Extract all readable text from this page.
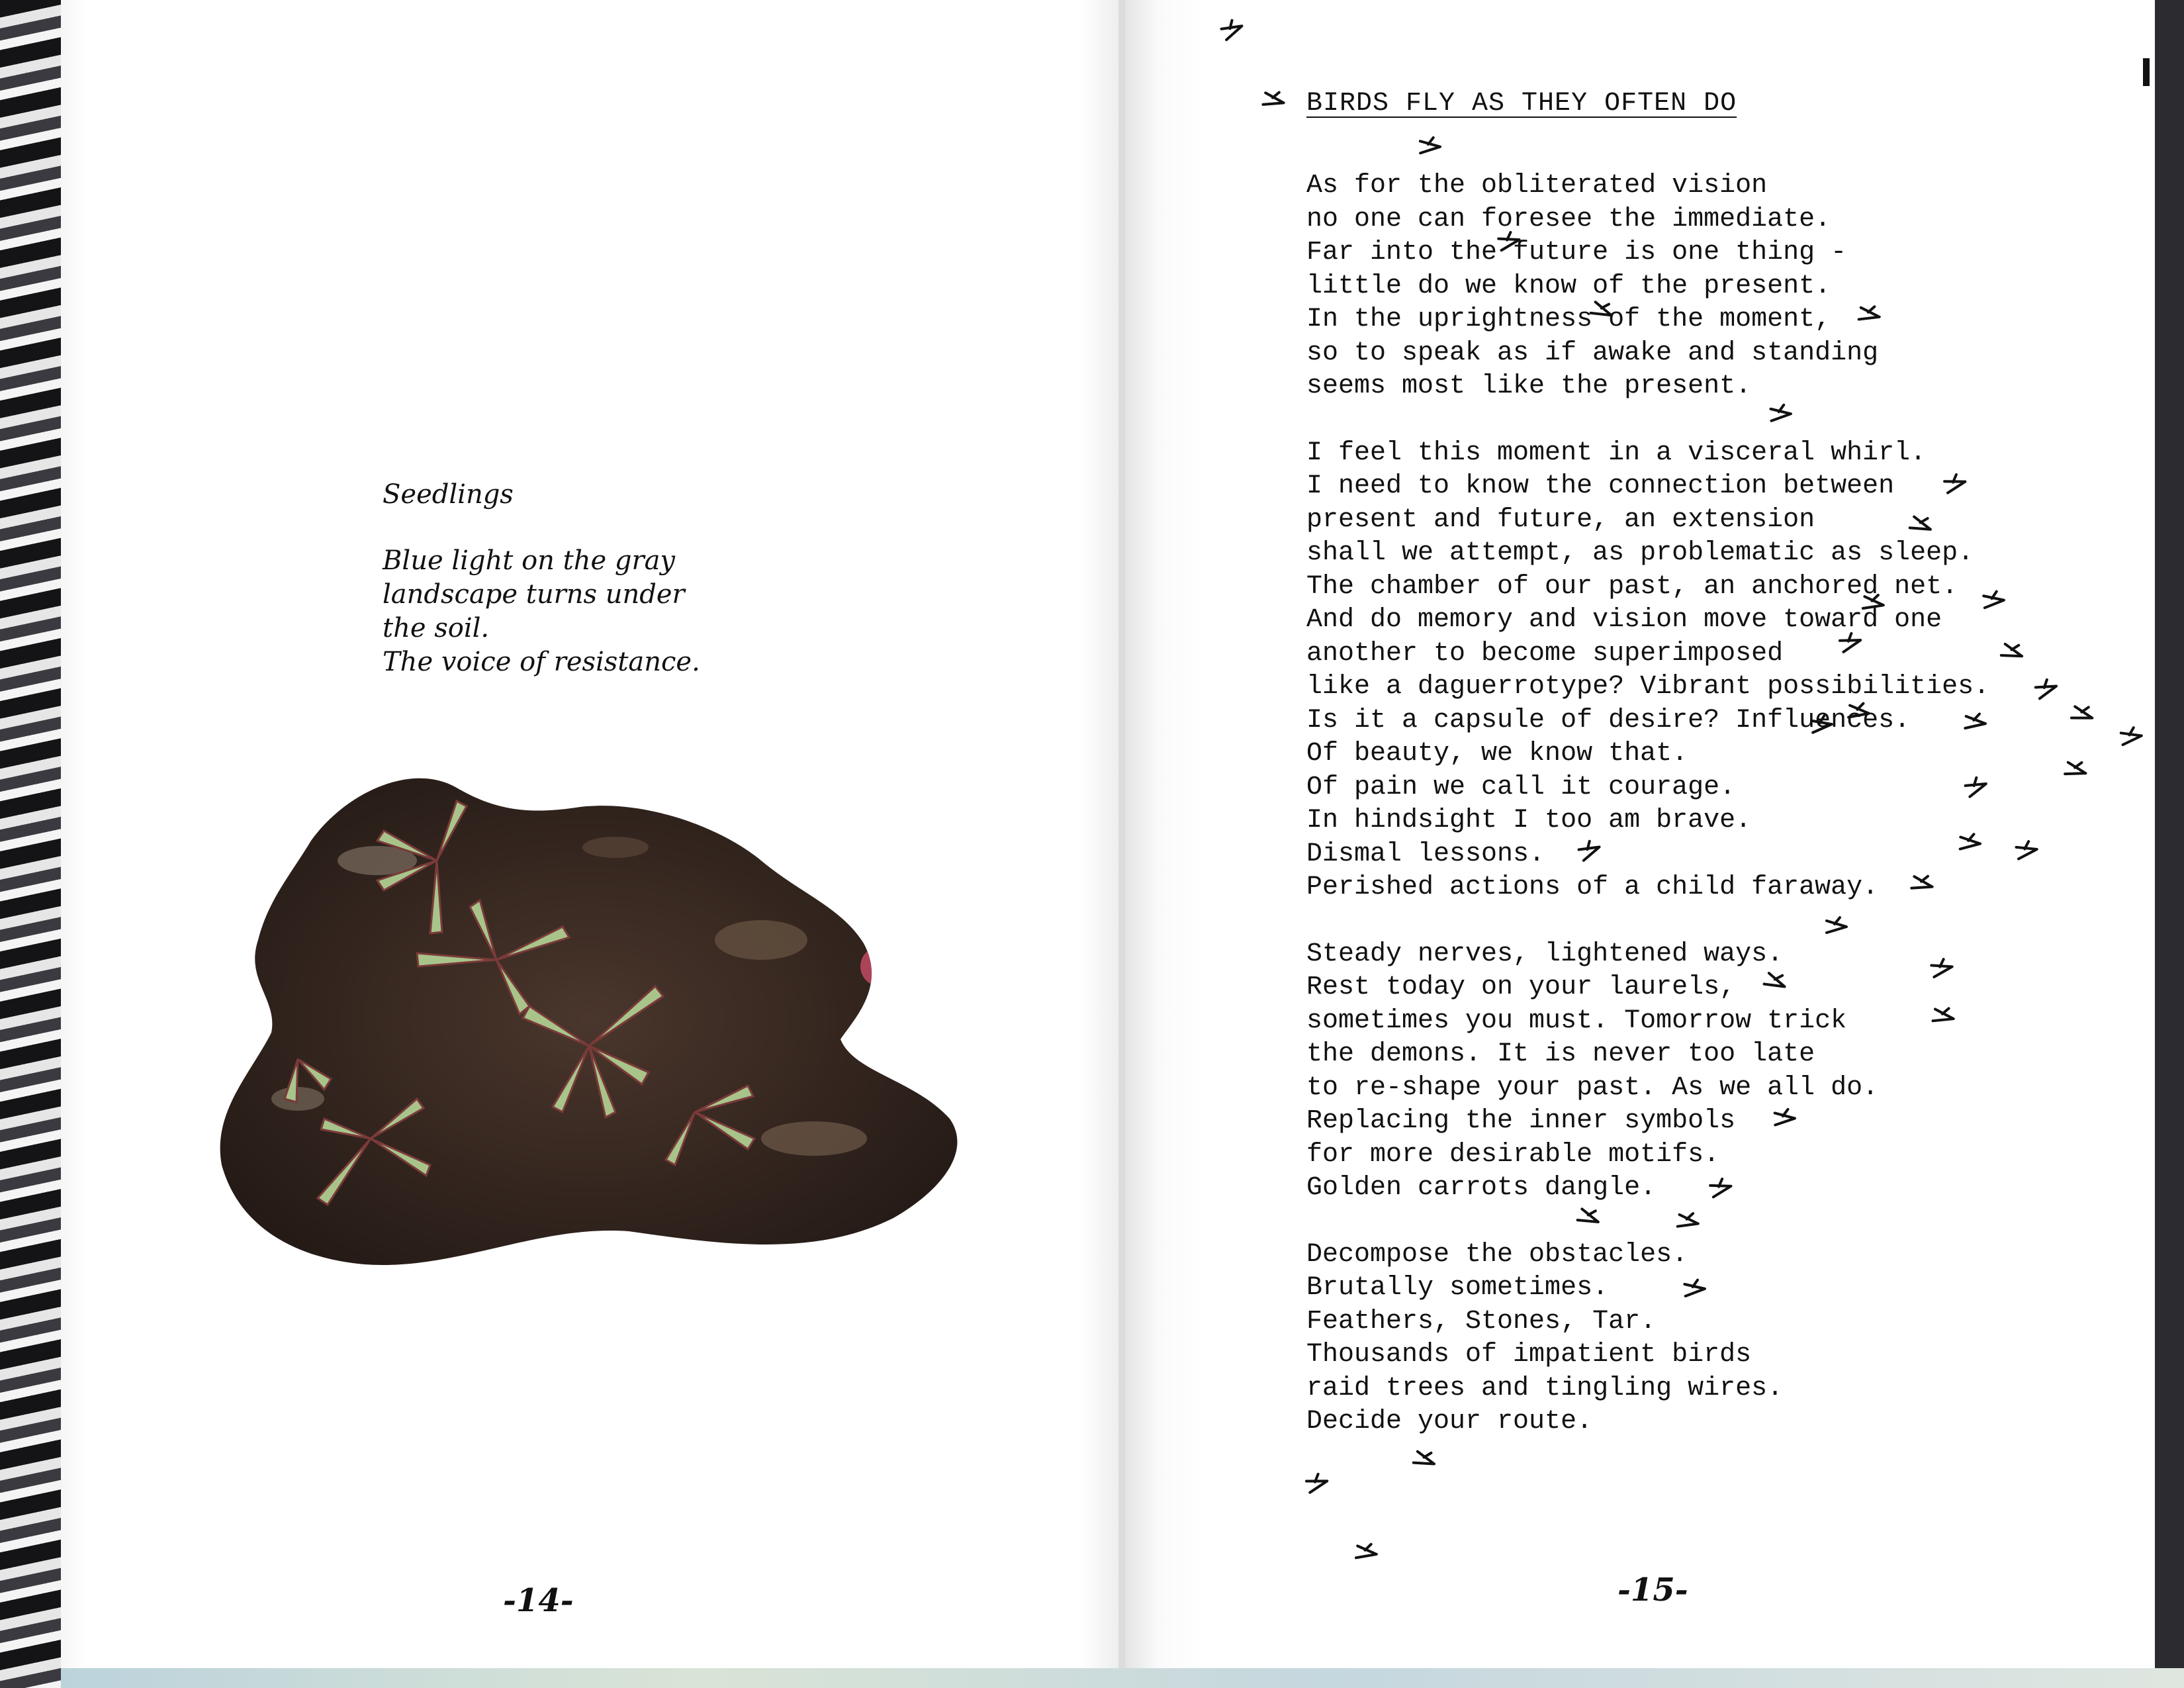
Seedlings
Blue light on the gray
landscape turns under
the soil.
The voice of resistance.
-14-
BIRDS FLY AS THEY OFTEN DO
As for the obliterated vision
no one can foresee the immediate.
Far into the future is one thing -
little do we know of the present.
In the uprightness of the moment,
so to speak as if awake and standing
seems most like the present.
I feel this moment in a visceral whirl.
I need to know the connection between
present and future, an extension
shall we attempt, as problematic as sleep.
The chamber of our past, an anchored net.
And do memory and vision move toward one
another to become superimposed
like a daguerrotype? Vibrant possibilities.
Is it a capsule of desire? Influences.
Of beauty, we know that.
Of pain we call it courage.
In hindsight I too am brave.
Dismal lessons.
Perished actions of a child faraway.
Steady nerves, lightened ways.
Rest today on your laurels,
sometimes you must. Tomorrow trick
the demons. It is never too late
to re-shape your past. As we all do.
Replacing the inner symbols
for more desirable motifs.
Golden carrots dangle.
Decompose the obstacles.
Brutally sometimes.
Feathers, Stones, Tar.
Thousands of impatient birds
raid trees and tingling wires.
Decide your route.
-15-
